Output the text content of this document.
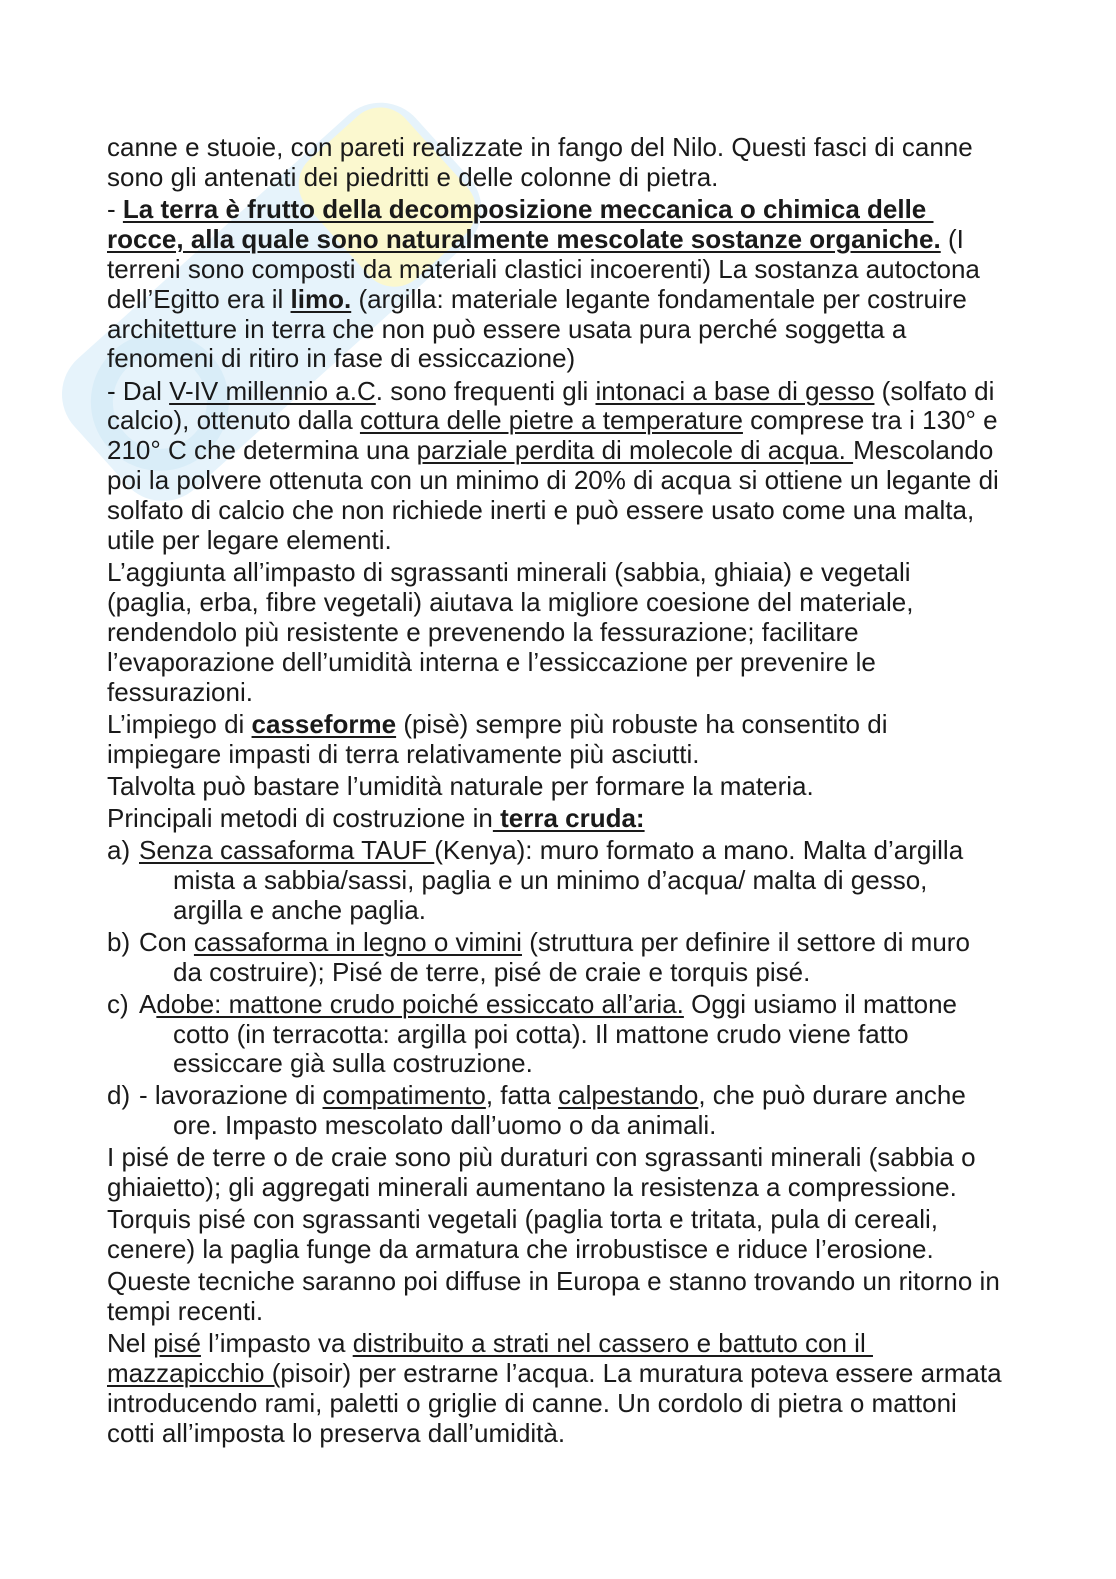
canne e stuoie, con pareti realizzate in fango del Nilo. Questi fasci di canne
sono gli antenati dei piedritti e delle colonne di pietra.
- La terra è frutto della decomposizione meccanica o chimica delle
rocce, alla quale sono naturalmente mescolate sostanze organiche. (I
terreni sono composti da materiali clastici incoerenti) La sostanza autoctona
dell’Egitto era il limo. (argilla: materiale legante fondamentale per costruire
architetture in terra che non può essere usata pura perché soggetta a
fenomeni di ritiro in fase di essiccazione)
- Dal V-IV millennio a.C. sono frequenti gli intonaci a base di gesso (solfato di
calcio), ottenuto dalla cottura delle pietre a temperature comprese tra i 130° e
210° C che determina una parziale perdita di molecole di acqua. Mescolando
poi la polvere ottenuta con un minimo di 20% di acqua si ottiene un legante di
solfato di calcio che non richiede inerti e può essere usato come una malta,
utile per legare elementi.
L’aggiunta all’impasto di sgrassanti minerali (sabbia, ghiaia) e vegetali
(paglia, erba, fibre vegetali) aiutava la migliore coesione del materiale,
rendendolo più resistente e prevenendo la fessurazione; facilitare
l’evaporazione dell’umidità interna e l’essiccazione per prevenire le
fessurazioni.
L’impiego di casseforme (pisè) sempre più robuste ha consentito di
impiegare impasti di terra relativamente più asciutti.
Talvolta può bastare l’umidità naturale per formare la materia.
Principali metodi di costruzione in terra cruda:
a) Senza cassaforma TAUF (Kenya): muro formato a mano. Malta d’argilla
mista a sabbia/sassi, paglia e un minimo d’acqua/ malta di gesso,
argilla e anche paglia.
b) Con cassaforma in legno o vimini (struttura per definire il settore di muro
da costruire); Pisé de terre, pisé de craie e torquis pisé.
c) Adobe: mattone crudo poiché essiccato all’aria. Oggi usiamo il mattone
cotto (in terracotta: argilla poi cotta). Il mattone crudo viene fatto
essiccare già sulla costruzione.
d) - lavorazione di compatimento, fatta calpestando, che può durare anche
ore. Impasto mescolato dall’uomo o da animali.
I pisé de terre o de craie sono più duraturi con sgrassanti minerali (sabbia o
ghiaietto); gli aggregati minerali aumentano la resistenza a compressione.
Torquis pisé con sgrassanti vegetali (paglia torta e tritata, pula di cereali,
cenere) la paglia funge da armatura che irrobustisce e riduce l’erosione.
Queste tecniche saranno poi diffuse in Europa e stanno trovando un ritorno in
tempi recenti.
Nel pisé l’impasto va distribuito a strati nel cassero e battuto con il
mazzapicchio (pisoir) per estrarne l’acqua. La muratura poteva essere armata
introducendo rami, paletti o griglie di canne. Un cordolo di pietra o mattoni
cotti all’imposta lo preserva dall’umidità.
